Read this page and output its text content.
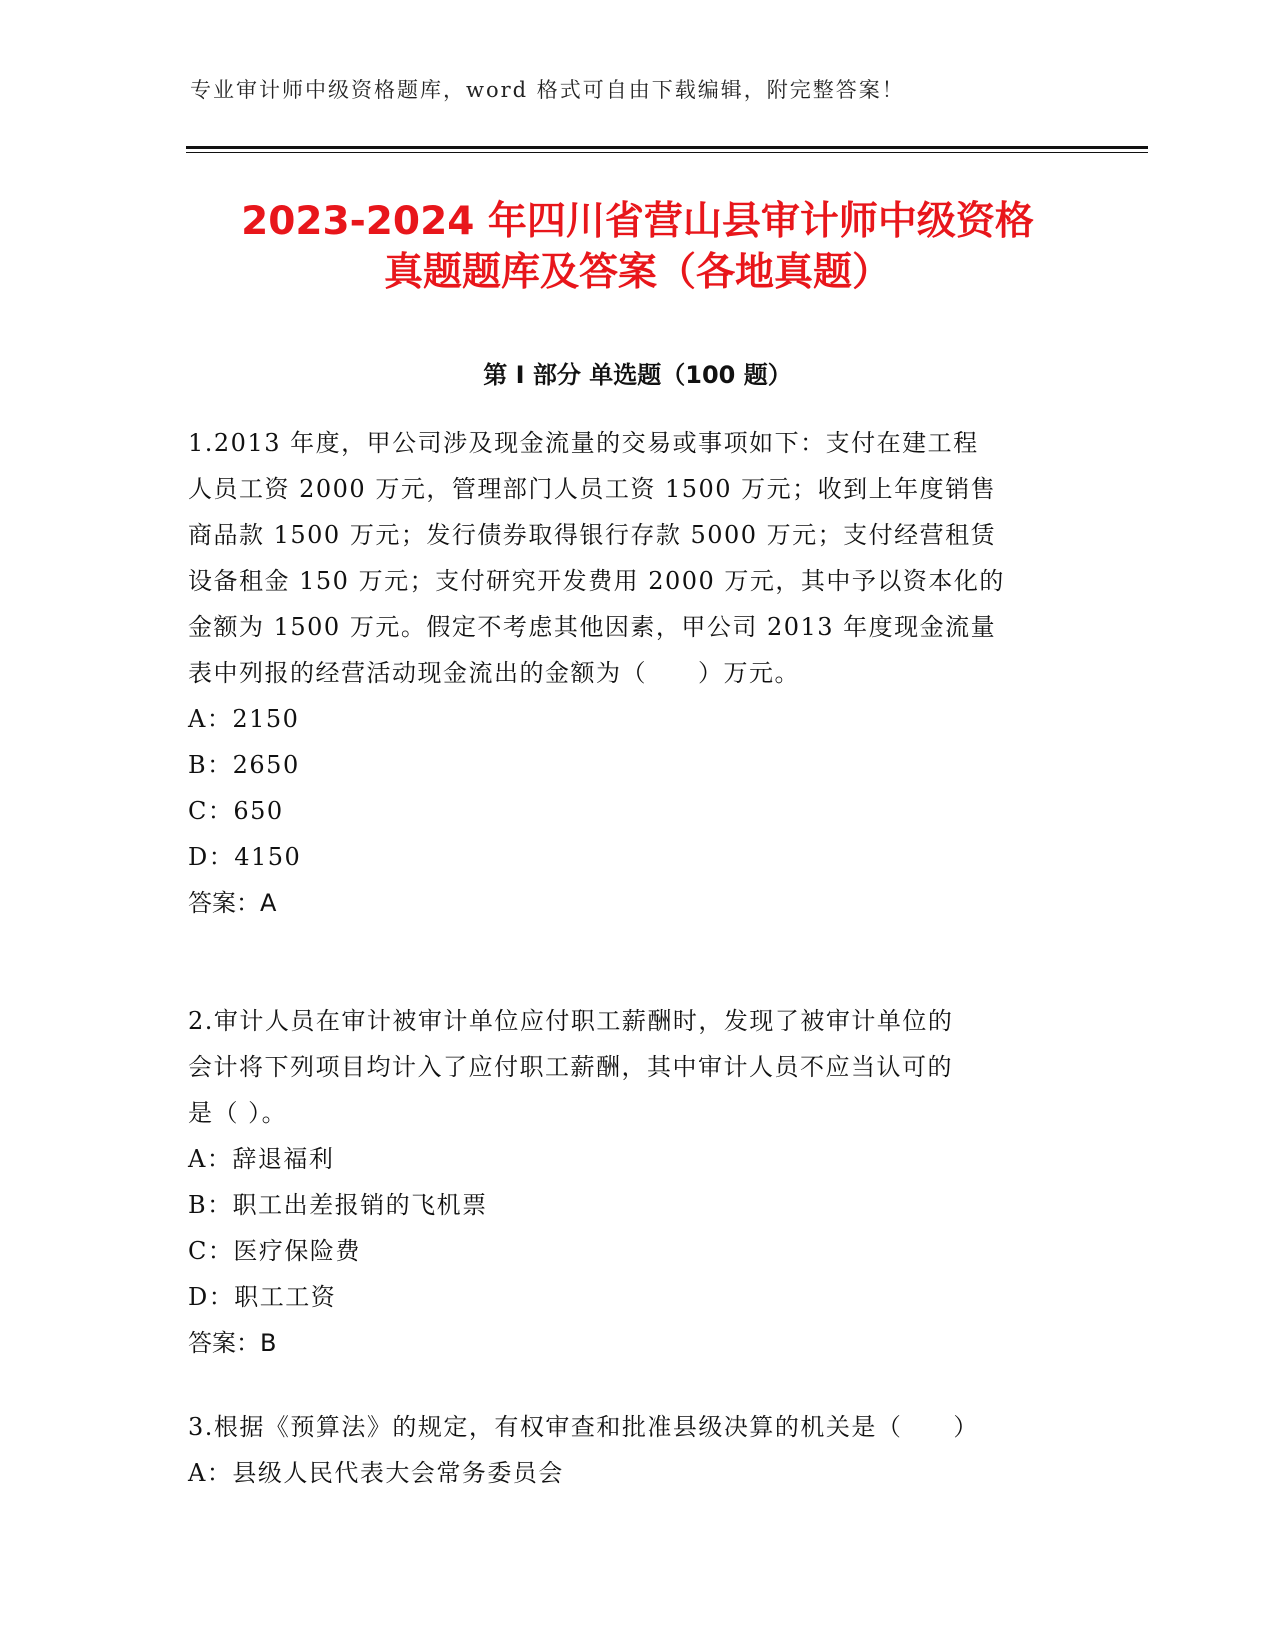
专业审计师中级资格题库，word 格式可自由下载编辑，附完整答案！
2023-2024 年四川省营山县审计师中级资格
真题题库及答案（各地真题）
第 I 部分 单选题（100 题）
1.2013 年度，甲公司涉及现金流量的交易或事项如下：支付在建工程
人员工资 2000 万元，管理部门人员工资 1500 万元；收到上年度销售
商品款 1500 万元；发行债券取得银行存款 5000 万元；支付经营租赁
设备租金 150 万元；支付研究开发费用 2000 万元，其中予以资本化的
金额为 1500 万元。假定不考虑其他因素，甲公司 2013 年度现金流量
表中列报的经营活动现金流出的金额为（　　）万元。
A：2150
B：2650
C：650
D：4150
答案：A
2.审计人员在审计被审计单位应付职工薪酬时，发现了被审计单位的
会计将下列项目均计入了应付职工薪酬，其中审计人员不应当认可的
是（ ）。
A：辞退福利
B：职工出差报销的飞机票
C：医疗保险费
D：职工工资
答案：B
3.根据《预算法》的规定，有权审查和批准县级决算的机关是（　　）
A：县级人民代表大会常务委员会
